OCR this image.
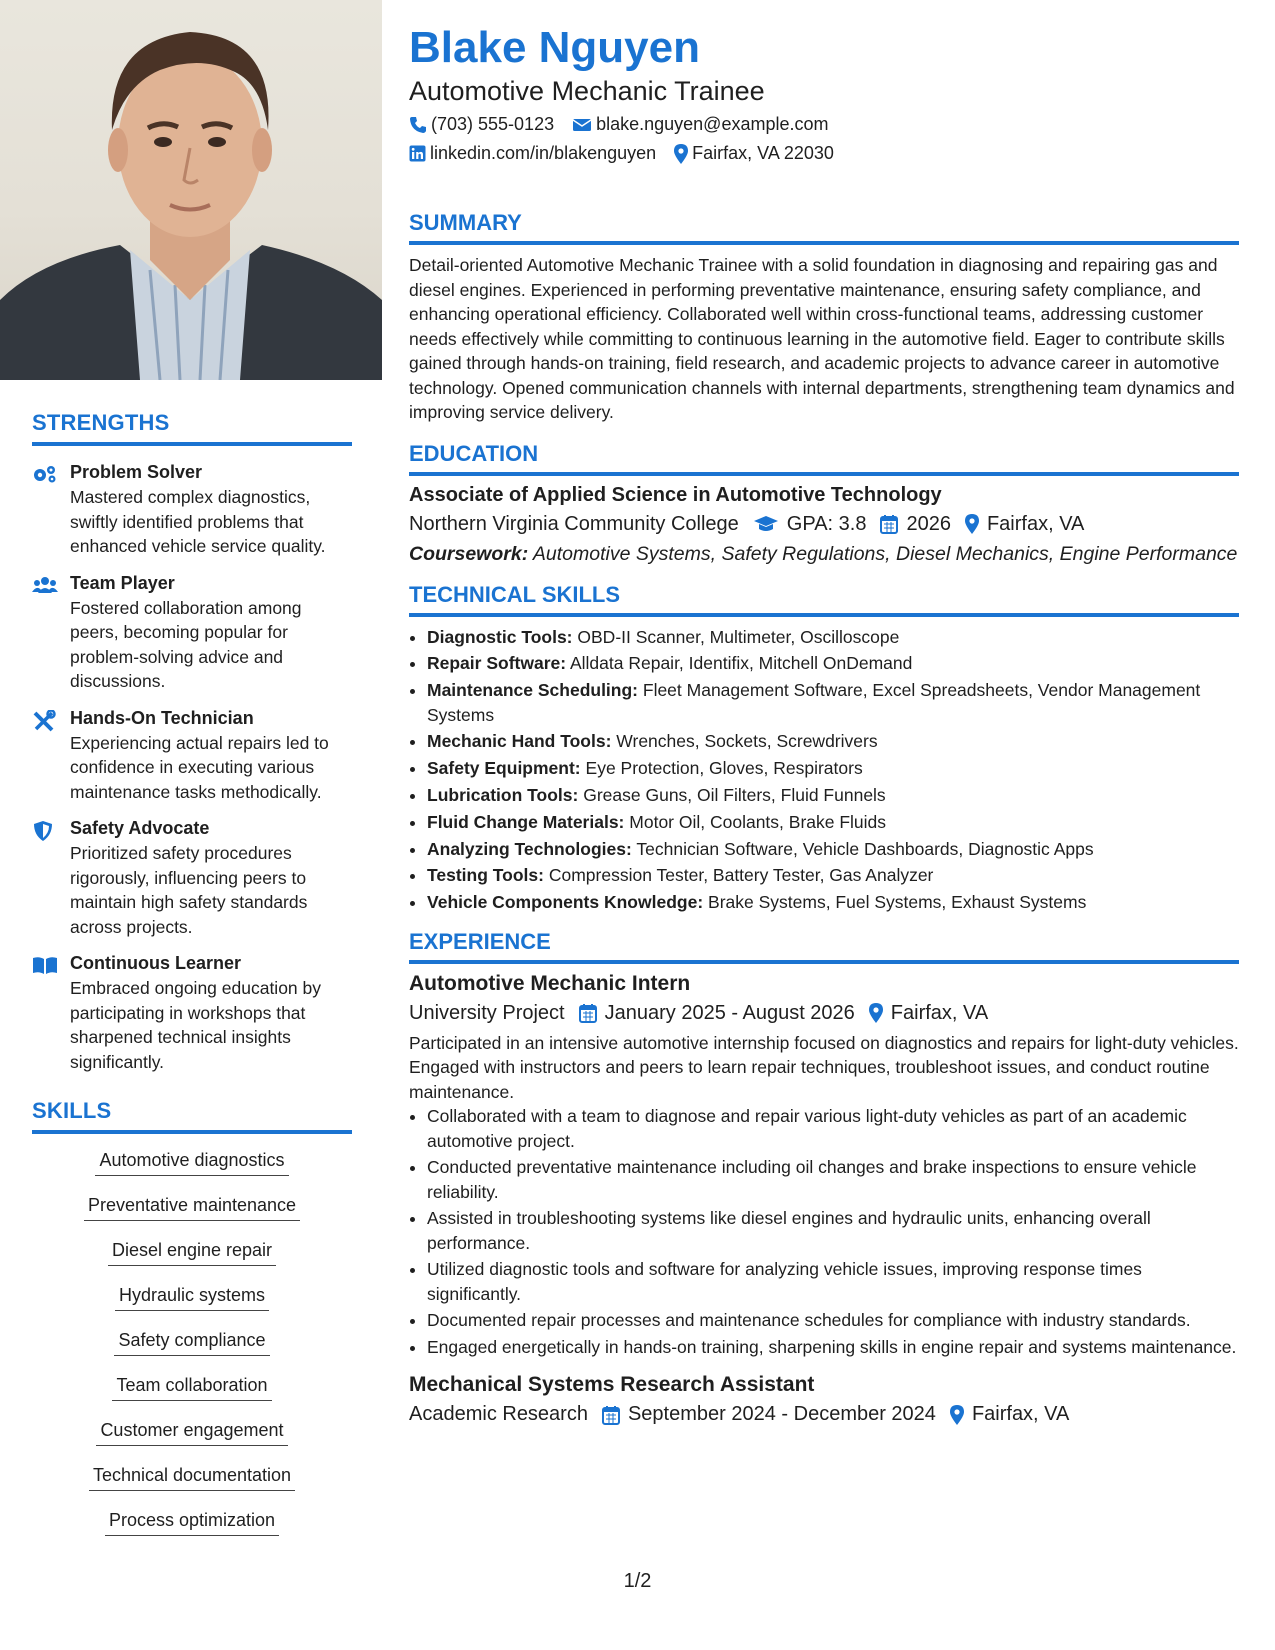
STRENGTHS
Problem Solver
Mastered complex diagnostics, swiftly identified problems that enhanced vehicle service quality.
Team Player
Fostered collaboration among peers, becoming popular for problem-solving advice and discussions.
Hands-On Technician
Experiencing actual repairs led to confidence in executing various maintenance tasks methodically.
Safety Advocate
Prioritized safety procedures rigorously, influencing peers to maintain high safety standards across projects.
Continuous Learner
Embraced ongoing education by participating in workshops that sharpened technical insights significantly.
SKILLS
Automotive diagnostics
Preventative maintenance
Diesel engine repair
Hydraulic systems
Safety compliance
Team collaboration
Customer engagement
Technical documentation
Process optimization
Blake Nguyen
Automotive Mechanic Trainee
(703) 555-0123 blake.nguyen@example.com
linkedin.com/in/blakenguyen Fairfax, VA 22030
SUMMARY
Detail-oriented Automotive Mechanic Trainee with a solid foundation in diagnosing and repairing gas and diesel engines. Experienced in performing preventative maintenance, ensuring safety compliance, and enhancing operational efficiency. Collaborated well within cross-functional teams, addressing customer needs effectively while committing to continuous learning in the automotive field. Eager to contribute skills gained through hands-on training, field research, and academic projects to advance career in automotive technology. Opened communication channels with internal departments, strengthening team dynamics and improving service delivery.
EDUCATION
Associate of Applied Science in Automotive Technology
Northern Virginia Community College GPA: 3.8 2026 Fairfax, VA
Coursework: Automotive Systems, Safety Regulations, Diesel Mechanics, Engine Performance
TECHNICAL SKILLS
• Diagnostic Tools: OBD-II Scanner, Multimeter, Oscilloscope
• Repair Software: Alldata Repair, Identifix, Mitchell OnDemand
• Maintenance Scheduling: Fleet Management Software, Excel Spreadsheets, Vendor Management Systems
• Mechanic Hand Tools: Wrenches, Sockets, Screwdrivers
• Safety Equipment: Eye Protection, Gloves, Respirators
• Lubrication Tools: Grease Guns, Oil Filters, Fluid Funnels
• Fluid Change Materials: Motor Oil, Coolants, Brake Fluids
• Analyzing Technologies: Technician Software, Vehicle Dashboards, Diagnostic Apps
• Testing Tools: Compression Tester, Battery Tester, Gas Analyzer
• Vehicle Components Knowledge: Brake Systems, Fuel Systems, Exhaust Systems
EXPERIENCE
Automotive Mechanic Intern
University Project January 2025 - August 2026 Fairfax, VA
Participated in an intensive automotive internship focused on diagnostics and repairs for light-duty vehicles. Engaged with instructors and peers to learn repair techniques, troubleshoot issues, and conduct routine maintenance.
• Collaborated with a team to diagnose and repair various light-duty vehicles as part of an academic automotive project.
• Conducted preventative maintenance including oil changes and brake inspections to ensure vehicle reliability.
• Assisted in troubleshooting systems like diesel engines and hydraulic units, enhancing overall performance.
• Utilized diagnostic tools and software for analyzing vehicle issues, improving response times significantly.
• Documented repair processes and maintenance schedules for compliance with industry standards.
• Engaged energetically in hands-on training, sharpening skills in engine repair and systems maintenance.
Mechanical Systems Research Assistant
Academic Research September 2024 - December 2024 Fairfax, VA
1/2
